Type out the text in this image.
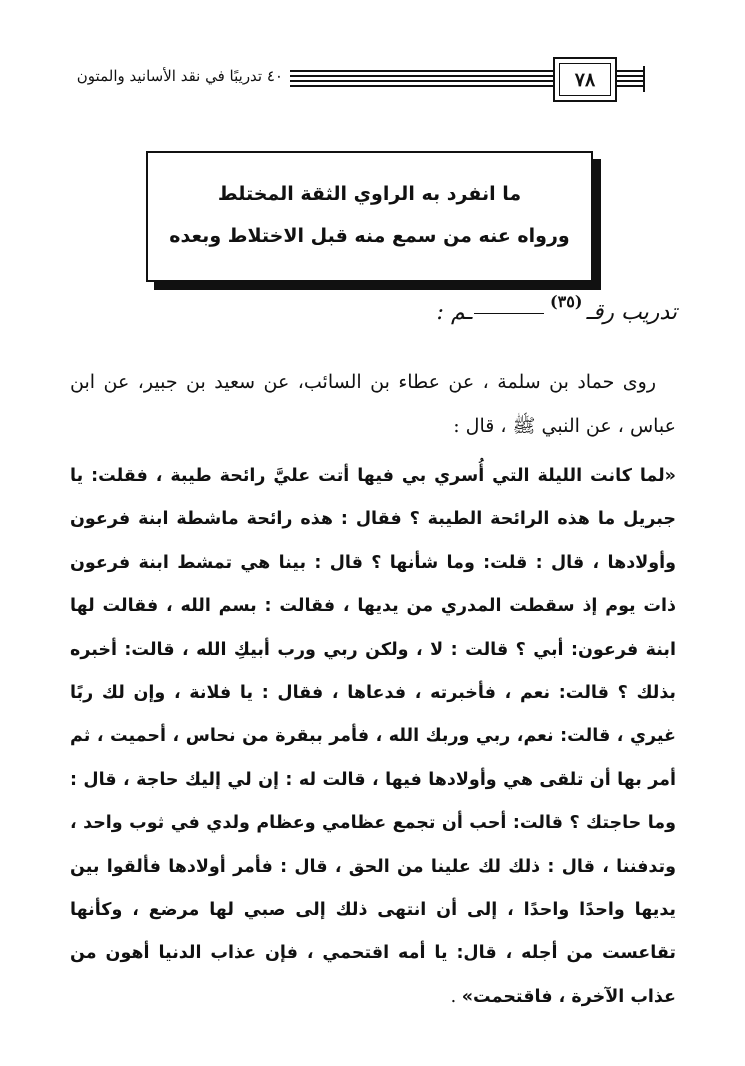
٧٨
٤٠ تدريبًا في نقد الأسانيد والمتون
ما انفرد به الراوي الثقة المختلط
ورواه عنه من سمع منه قبل الاختلاط وبعده
تدريب رقـ$^{(٣٥)}$ـم :
روى حماد بن سلمة ، عن عطاء بن السائب، عن سعيد بن جبير، عن ابن عباس ، عن النبي ﷺ ، قال :
«لما كانت الليلة التي أُسري بي فيها أتت عليَّ رائحة طيبة ، فقلت: يا جبريل ما هذه الرائحة الطيبة ؟ فقال : هذه رائحة ماشطة ابنة فرعون وأولادها ، قال : قلت: وما شأنها ؟ قال : بينا هي تمشط ابنة فرعون ذات يوم إذ سقطت المدري من يديها ، فقالت : بسم الله ، فقالت لها ابنة فرعون: أبي ؟ قالت : لا ، ولكن ربي ورب أبيكِ الله ، قالت: أخبره بذلك ؟ قالت: نعم ، فأخبرته ، فدعاها ، فقال : يا فلانة ، وإن لك ربًا غيري ، قالت: نعم، ربي وربك الله ، فأمر ببقرة من نحاس ، أحميت ، ثم أمر بها أن تلقى هي وأولادها فيها ، قالت له : إن لي إليك حاجة ، قال : وما حاجتك ؟ قالت: أحب أن تجمع عظامي وعظام ولدي في ثوب واحد ، وتدفننا ، قال : ذلك لك علينا من الحق ، قال : فأمر أولادها فألقوا بين يديها واحدًا واحدًا ، إلى أن انتهى ذلك إلى صبي لها مرضع ، وكأنها تقاعست من أجله ، قال: يا أمه اقتحمي ، فإن عذاب الدنيا أهون من عذاب الآخرة ، فاقتحمت» .
